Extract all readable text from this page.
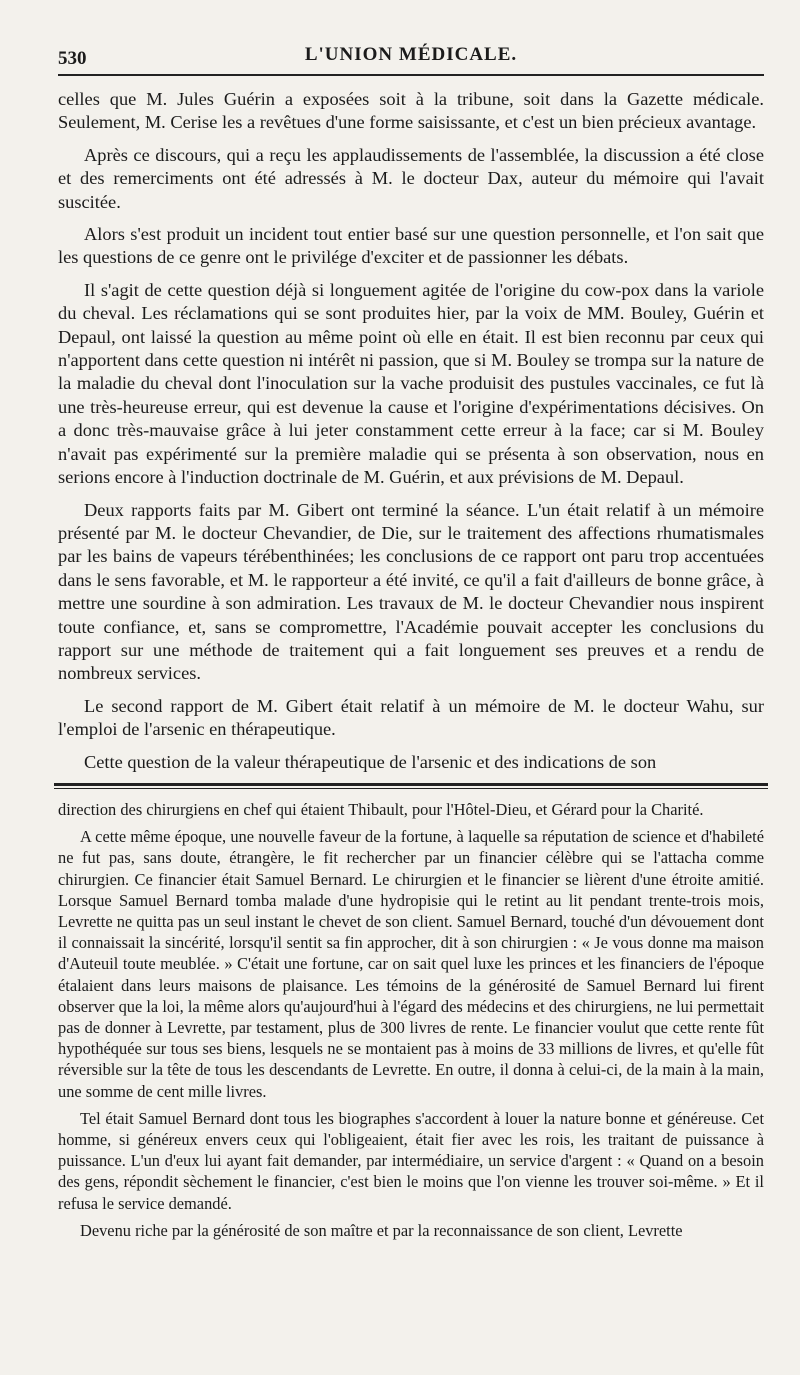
530	L'UNION MÉDICALE.

celles que M. Jules Guérin a exposées soit à la tribune, soit dans la Gazette médicale. Seulement, M. Cerise les a revêtues d'une forme saisissante, et c'est un bien précieux avantage.

Après ce discours, qui a reçu les applaudissements de l'assemblée, la discussion a été close et des remerciments ont été adressés à M. le docteur Dax, auteur du mémoire qui l'avait suscitée.

Alors s'est produit un incident tout entier basé sur une question personnelle, et l'on sait que les questions de ce genre ont le privilége d'exciter et de passionner les débats.

Il s'agit de cette question déjà si longuement agitée de l'origine du cow-pox dans la variole du cheval. Les réclamations qui se sont produites hier, par la voix de MM. Bouley, Guérin et Depaul, ont laissé la question au même point où elle en était. Il est bien reconnu par ceux qui n'apportent dans cette question ni intérêt ni passion, que si M. Bouley se trompa sur la nature de la maladie du cheval dont l'inoculation sur la vache produisit des pustules vaccinales, ce fut là une très-heureuse erreur, qui est devenue la cause et l'origine d'expérimentations décisives. On a donc très-mauvaise grâce à lui jeter constamment cette erreur à la face; car si M. Bouley n'avait pas expérimenté sur la première maladie qui se présenta à son observation, nous en serions encore à l'induction doctrinale de M. Guérin, et aux prévisions de M. Depaul.

Deux rapports faits par M. Gibert ont terminé la séance. L'un était relatif à un mémoire présenté par M. le docteur Chevandier, de Die, sur le traitement des affections rhumatismales par les bains de vapeurs térébenthinées; les conclusions de ce rapport ont paru trop accentuées dans le sens favorable, et M. le rapporteur a été invité, ce qu'il a fait d'ailleurs de bonne grâce, à mettre une sourdine à son admiration. Les travaux de M. le docteur Chevandier nous inspirent toute confiance, et, sans se compromettre, l'Académie pouvait accepter les conclusions du rapport sur une méthode de traitement qui a fait longuement ses preuves et a rendu de nombreux services.

Le second rapport de M. Gibert était relatif à un mémoire de M. le docteur Wahu, sur l'emploi de l'arsenic en thérapeutique.

Cette question de la valeur thérapeutique de l'arsenic et des indications de son

direction des chirurgiens en chef qui étaient Thibault, pour l'Hôtel-Dieu, et Gérard pour la Charité.

A cette même époque, une nouvelle faveur de la fortune, à laquelle sa réputation de science et d'habileté ne fut pas, sans doute, étrangère, le fit rechercher par un financier célèbre qui se l'attacha comme chirurgien. Ce financier était Samuel Bernard. Le chirurgien et le financier se lièrent d'une étroite amitié. Lorsque Samuel Bernard tomba malade d'une hydropisie qui le retint au lit pendant trente-trois mois, Levrette ne quitta pas un seul instant le chevet de son client. Samuel Bernard, touché d'un dévouement dont il connaissait la sincérité, lorsqu'il sentit sa fin approcher, dit à son chirurgien : « Je vous donne ma maison d'Auteuil toute meublée. » C'était une fortune, car on sait quel luxe les princes et les financiers de l'époque étalaient dans leurs maisons de plaisance. Les témoins de la générosité de Samuel Bernard lui firent observer que la loi, la même alors qu'aujourd'hui à l'égard des médecins et des chirurgiens, ne lui permettait pas de donner à Levrette, par testament, plus de 300 livres de rente. Le financier voulut que cette rente fût hypothéquée sur tous ses biens, lesquels ne se montaient pas à moins de 33 millions de livres, et qu'elle fût réversible sur la tête de tous les descendants de Levrette. En outre, il donna à celui-ci, de la main à la main, une somme de cent mille livres.

Tel était Samuel Bernard dont tous les biographes s'accordent à louer la nature bonne et généreuse. Cet homme, si généreux envers ceux qui l'obligeaient, était fier avec les rois, les traitant de puissance à puissance. L'un d'eux lui ayant fait demander, par intermédiaire, un service d'argent : « Quand on a besoin des gens, répondit sèchement le financier, c'est bien le moins que l'on vienne les trouver soi-même. » Et il refusa le service demandé.

Devenu riche par la générosité de son maître et par la reconnaissance de son client, Levrette
